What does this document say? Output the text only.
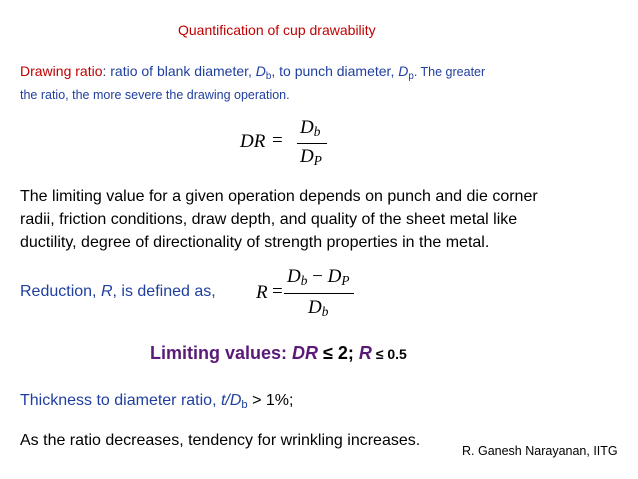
Quantification of cup drawability
Drawing ratio: ratio of blank diameter, $D_b$, to punch diameter, $D_p$. The greater
the ratio, the more severe the drawing operation.
DR =
$D_b$
$D_P$
The limiting value for a given operation depends on punch and die corner
radii, friction conditions, draw depth, and quality of the sheet metal like
ductility, degree of directionality of strength properties in the metal.
Reduction, R, is defined as, R =
$D_b - D_P$
$D_b$
Limiting values: DR ≤ 2; R ≤ 0.5
Thickness to diameter ratio, $t/D_b > 1\%$;
As the ratio decreases, tendency for wrinkling increases.
R. Ganesh Narayanan, IITG
